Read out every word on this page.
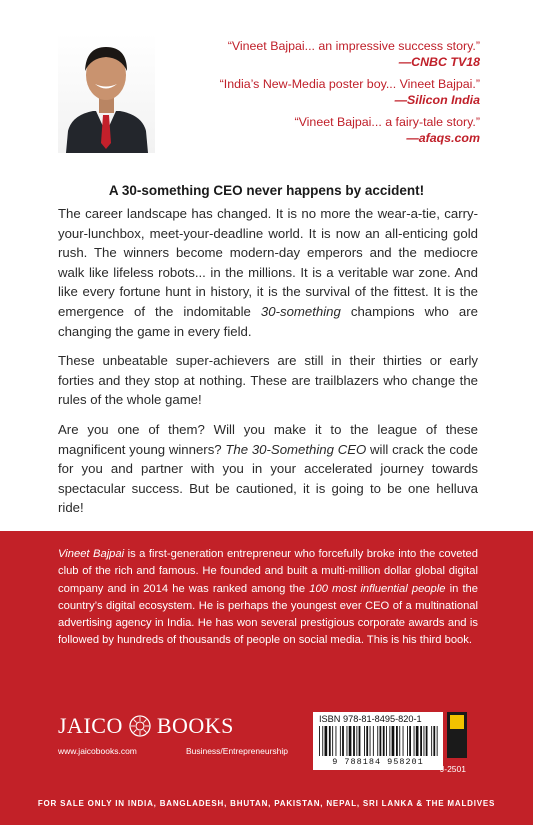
“Vineet Bajpai... an impressive success story.”
—CNBC TV18
“India’s New-Media poster boy... Vineet Bajpai.”
—Silicon India
“Vineet Bajpai... a fairy-tale story.”
—afaqs.com
A 30-something CEO never happens by accident!

The career landscape has changed. It is no more the wear-a-tie, carry-your-lunchbox, meet-your-deadline world. It is now an all-enticing gold rush. The winners become modern-day emperors and the mediocre walk like lifeless robots... in the millions. It is a veritable war zone. And like every fortune hunt in history, it is the survival of the fittest. It is the emergence of the indomitable 30-something champions who are changing the game in every field.

These unbeatable super-achievers are still in their thirties or early forties and they stop at nothing. These are trailblazers who change the rules of the whole game!

Are you one of them? Will you make it to the league of these magnificent young winners? The 30-Something CEO will crack the code for you and partner with you in your accelerated journey towards spectacular success. But be cautioned, it is going to be one helluva ride!

Vineet Bajpai is a first-generation entrepreneur who forcefully broke into the coveted club of the rich and famous. He founded and built a multi-million dollar global digital company and in 2014 he was ranked among the 100 most influential people in the country’s digital ecosystem. He is perhaps the youngest ever CEO of a multinational advertising agency in India. He has won several prestigious corporate awards and is followed by hundreds of thousands of people on social media. This is his third book.
JAICO BOOKS
www.jaicobooks.com	Business/Entrepreneurship
ISBN 978-81-8495-820-1
9 788184 958201
J-2501
FOR SALE ONLY IN INDIA, BANGLADESH, BHUTAN, PAKISTAN, NEPAL, SRI LANKA & THE MALDIVES
